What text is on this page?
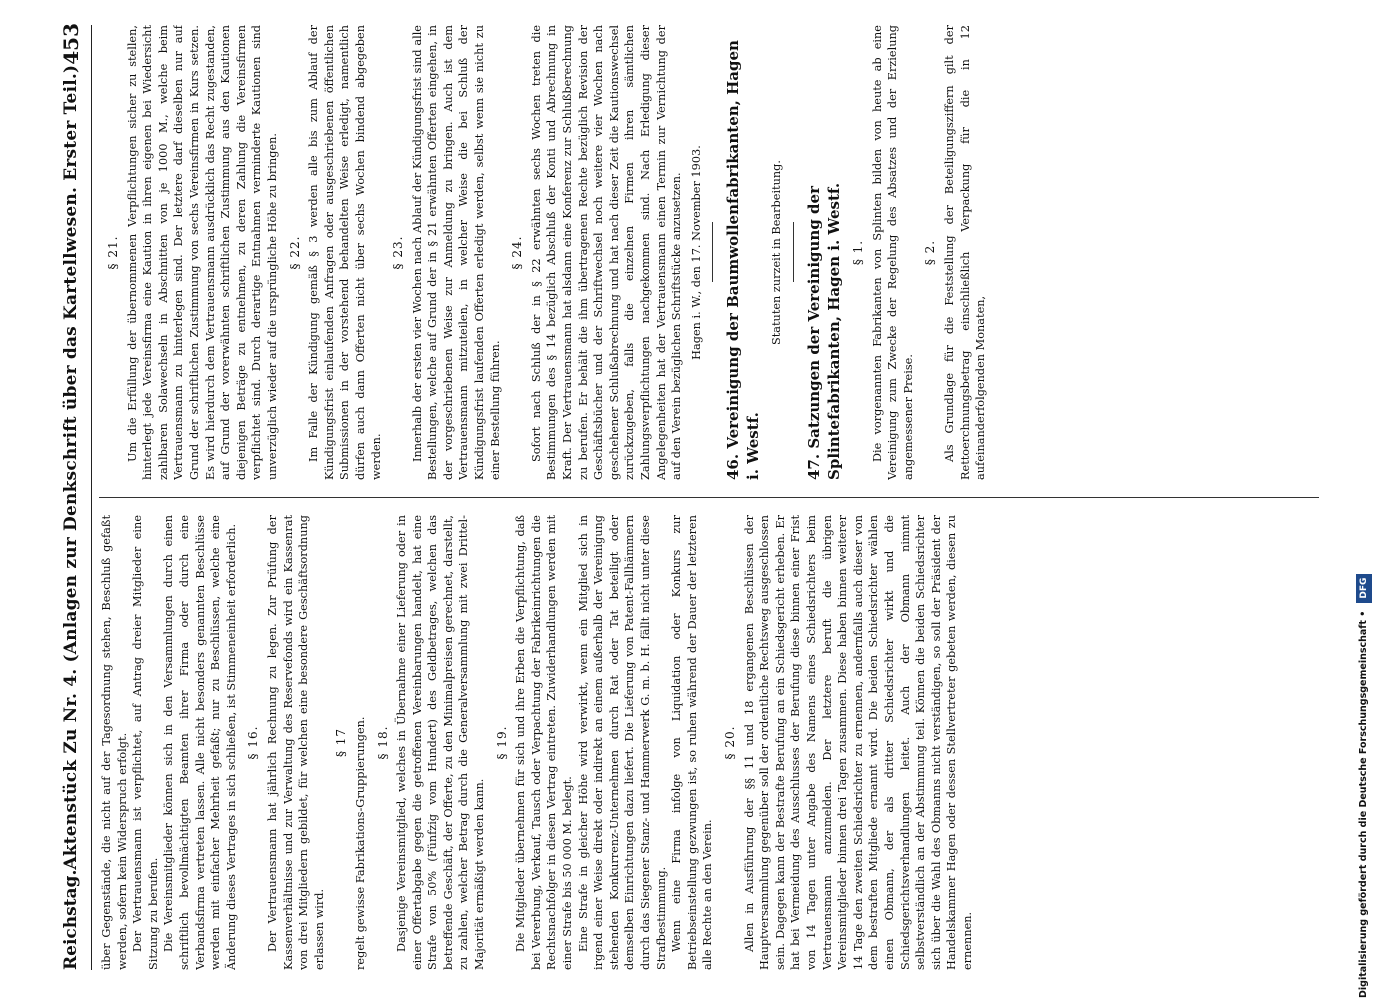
Reichstag.
Aktenstück Zu Nr. 4. (Anlagen zur Denkschrift über das Kartellwesen. Erster Teil.)
453

über Gegenstände, die nicht auf der Tagesordnung stehen, Beschluß gefaßt werden, sofern kein Widerspruch erfolgt. Der Vertrauensmann ist verpflichtet, auf Antrag dreier Mitglieder eine Sitzung zu berufen. Die Vereinsmitglieder können sich in den Versammlungen durch einen schriftlich bevollmächtigten Beamten ihrer Firma oder durch eine Verbandsfirma vertreten lassen. Alle nicht besonders genannten Beschlüsse werden mit einfacher Mehrheit gefaßt; nur zu Beschlüssen, welche eine Änderung dieses Vertrages in sich schließen, ist Stimmeneinheit erforderlich. § 16. Der Vertrauensmann hat jährlich Rechnung zu legen. Zur Prüfung der Kassenverhältnisse und zur Verwaltung des Reservefonds wird ein Kassenrat von drei Mitgliedern gebildet, für welchen eine besondere Geschäftsordnung erlassen wird.

§ 17 regelt gewisse Fabrikations-Gruppierungen. § 18. Dasjenige Vereinsmitglied, welches in Übernahme einer Lieferung oder in einer Offertabgabe gegen die getroffenen Vereinbarungen handelt, hat eine Strafe von 50% (Fünfzig vom Hundert) des Geldbetrages, welchen das betreffende Geschäft, der Offerte, zu den Minimalpreisen gerechnet, darstellt, zu zahlen, welcher Betrag durch die Generalversammlung mit zwei Drittel-Majorität ermäßigt werden kann.

§ 19. Die Mitglieder übernehmen für sich und ihre Erben die Verpflichtung, daß bei Vererbung, Verkauf, Tausch oder Verpachtung der Fabrikeinrichtungen die Rechtsnachfolger in diesen Vertrag eintreten. Zuwiderhandlungen werden mit einer Strafe bis 50 000 M. belegt. Eine Strafe in gleicher Höhe wird verwirkt, wenn ein Mitglied sich in irgend einer Weise direkt oder indirekt an einem außerhalb der Vereinigung stehenden Konkurrenz-Unternehmen durch Rat oder Tat beteiligt oder demselben Einrichtungen dazu liefert. Die Lieferung von Patent-Fallhämmern durch das Siegener Stanz- und Hammerwerk G. m. b. H. fällt nicht unter diese Strafbestimmung. Wenn eine Firma infolge von Liquidation oder Konkurs zur Betriebseinstellung gezwungen ist, so ruhen während der Dauer der letzteren alle Rechte an den Verein.

§ 20. Allen in Ausführung der §§ 11 und 18 ergangenen Beschlüssen der Hauptversammlung gegenüber soll der ordentliche Rechtsweg ausgeschlossen sein. Dagegen kann der Bestrafte Berufung an ein Schiedsgericht erheben. Er hat bei Vermeidung des Ausschlusses der Berufung diese binnen einer Frist von 14 Tagen unter Angabe des Namens eines Schiedsrichters beim Vertrauensmann anzumelden. Der letztere beruft die übrigen Vereinsmitglieder binnen drei Tagen zusammen. Diese haben binnen weiterer 14 Tage den zweiten Schiedsrichter zu ernennen, andernfalls auch dieser von dem bestraften Mitgliede ernannt wird. Die beiden Schiedsrichter wählen einen Obmann, der als dritter Schiedsrichter wirkt und die Schiedsgerichtsverhandlungen leitet. Auch der Obmann nimmt selbstverständlich an der Abstimmung teil. Können die beiden Schiedsrichter sich über die Wahl des Obmanns nicht verständigen, so soll der Präsident der Handelskammer Hagen oder dessen Stellvertreter gebeten werden, diesen zu ernennen.

§ 21. Um die Erfüllung der übernommenen Verpflichtungen sicher zu stellen, hinterlegt jede Vereinsfirma eine Kaution in ihren eigenen bei Wiedersicht zahlbaren Solawechseln in Abschnitten von je 1000 M., welche beim Vertrauensmann zu hinterlegen sind. Der letztere darf dieselben nur auf Grund der schriftlichen Zustimmung von sechs Vereinsfirmen in Kurs setzen. Es wird hierdurch dem Vertrauensmann ausdrücklich das Recht zugestanden, auf Grund der vorerwähnten schriftlichen Zustimmung aus den Kautionen diejenigen Beträge zu entnehmen, zu deren Zahlung die Vereinsfirmen verpflichtet sind. Durch derartige Entnahmen verminderte Kautionen sind unverzüglich wieder auf die ursprüngliche Höhe zu bringen. § 22. Im Falle der Kündigung gemäß § 3 werden alle bis zum Ablauf der Kündigungsfrist einlaufenden Anfragen oder ausgeschriebenen öffentlichen Submissionen in der vorstehend behandelten Weise erledigt, namentlich dürfen auch dann Offerten nicht über sechs Wochen bindend abgegeben werden.

§ 23. Innerhalb der ersten vier Wochen nach Ablauf der Kündigungsfrist sind alle Bestellungen, welche auf Grund der in § 21 erwähnten Offerten eingehen, in der vorgeschriebenen Weise zur Anmeldung zu bringen. Auch ist dem Vertrauensmann mitzuteilen, in welcher Weise die bei Schluß der Kündigungsfrist laufenden Offerten erledigt werden, selbst wenn sie nicht zu einer Bestellung führen.

§ 24. Sofort nach Schluß der in § 22 erwähnten sechs Wochen treten die Bestimmungen des § 14 bezüglich Abschluß der Konti und Abrechnung in Kraft. Der Vertrauensmann hat alsdann eine Konferenz zur Schlußberechnung zu berufen. Er behält die ihm übertragenen Rechte bezüglich Revision der Geschäftsbücher und der Schriftwechsel noch weitere vier Wochen nach geschehener Schlußabrechnung und hat nach dieser Zeit die Kautionswechsel zurückzugeben, falls die einzelnen Firmen ihren sämtlichen Zahlungsverpflichtungen nachgekommen sind. Nach Erledigung dieser Angelegenheiten hat der Vertrauensmann einen Termin zur Vernichtung der auf den Verein bezüglichen Schriftstücke anzusetzen. Hagen i. W., den 17. November 1903.

46. Vereinigung der Baumwollenfabrikanten, Hagen i. Westf.

Statuten zurzeit in Bearbeitung.

47. Satzungen der Vereinigung der Splintefabrikanten, Hagen i. Westf. § 1. Die vorgenannten Fabrikanten von Splinten bilden von heute ab eine Vereinigung zum Zwecke der Regelung des Absatzes und der Erzielung angemessener Preise.

§ 2. Als Grundlage für die Feststellung der Beteiligungsziffern gilt der Rettoerchnungsbetrag einschließlich Verpackung für die in 12 aufeinanderfolgenden Monaten,

Digitalisierung gefördert durch die Deutsche Forschungsgemeinschaft •DFG
